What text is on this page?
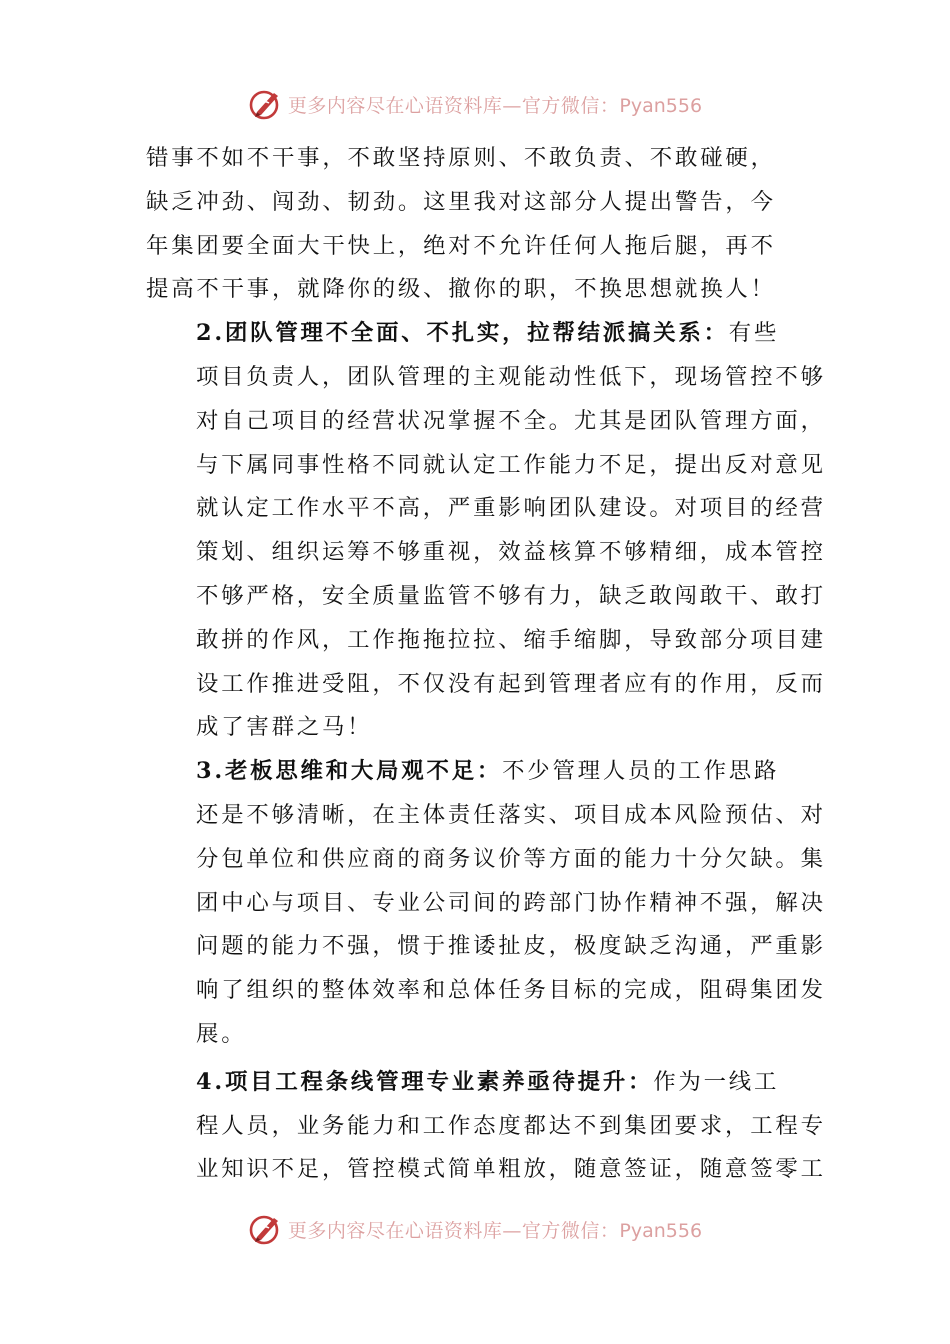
更多内容尽在心语资料库—官方微信：Pyan556

错事不如不干事，不敢坚持原则、不敢负责、不敢碰硬，
缺乏冲劲、闯劲、韧劲。这里我对这部分人提出警告，今
年集团要全面大干快上，绝对不允许任何人拖后腿，再不
提高不干事，就降你的级、撤你的职，不换思想就换人！

2.团队管理不全面、不扎实，拉帮结派搞关系：有些
项目负责人，团队管理的主观能动性低下，现场管控不够
对自己项目的经营状况掌握不全。尤其是团队管理方面，
与下属同事性格不同就认定工作能力不足，提出反对意见
就认定工作水平不高，严重影响团队建设。对项目的经营
策划、组织运筹不够重视，效益核算不够精细，成本管控
不够严格，安全质量监管不够有力，缺乏敢闯敢干、敢打
敢拼的作风，工作拖拖拉拉、缩手缩脚，导致部分项目建
设工作推进受阻，不仅没有起到管理者应有的作用，反而
成了害群之马！

3.老板思维和大局观不足：不少管理人员的工作思路
还是不够清晰，在主体责任落实、项目成本风险预估、对
分包单位和供应商的商务议价等方面的能力十分欠缺。集
团中心与项目、专业公司间的跨部门协作精神不强，解决
问题的能力不强，惯于推诿扯皮，极度缺乏沟通，严重影
响了组织的整体效率和总体任务目标的完成，阻碍集团发
展。

4.项目工程条线管理专业素养亟待提升：作为一线工
程人员，业务能力和工作态度都达不到集团要求，工程专
业知识不足，管控模式简单粗放，随意签证，随意签零工

更多内容尽在心语资料库—官方微信：Pyan556
